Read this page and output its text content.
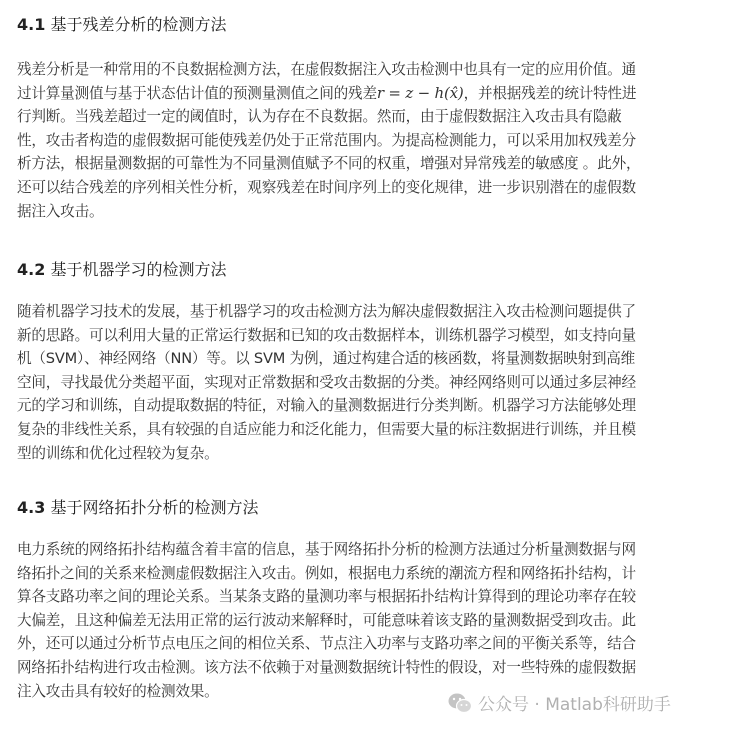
4.1 基于残差分析的检测方法
残差分析是一种常用的不良数据检测方法，在虚假数据注入攻击检测中也具有一定的应用价值。通
过计算量测值与基于状态估计值的预测量测值之间的残差r = z − h(x̂)，并根据残差的统计特性进
行判断。当残差超过一定的阈值时，认为存在不良数据。然而，由于虚假数据注入攻击具有隐蔽
性，攻击者构造的虚假数据可能使残差仍处于正常范围内。为提高检测能力，可以采用加权残差分
析方法，根据量测数据的可靠性为不同量测值赋予不同的权重，增强对异常残差的敏感度 。此外，
还可以结合残差的序列相关性分析，观察残差在时间序列上的变化规律，进一步识别潜在的虚假数
据注入攻击。
4.2 基于机器学习的检测方法
随着机器学习技术的发展，基于机器学习的攻击检测方法为解决虚假数据注入攻击检测问题提供了
新的思路。可以利用大量的正常运行数据和已知的攻击数据样本，训练机器学习模型，如支持向量
机（SVM）、神经网络（NN）等。以 SVM 为例，通过构建合适的核函数，将量测数据映射到高维
空间，寻找最优分类超平面，实现对正常数据和受攻击数据的分类。神经网络则可以通过多层神经
元的学习和训练，自动提取数据的特征，对输入的量测数据进行分类判断。机器学习方法能够处理
复杂的非线性关系，具有较强的自适应能力和泛化能力，但需要大量的标注数据进行训练，并且模
型的训练和优化过程较为复杂。
4.3 基于网络拓扑分析的检测方法
电力系统的网络拓扑结构蕴含着丰富的信息，基于网络拓扑分析的检测方法通过分析量测数据与网
络拓扑之间的关系来检测虚假数据注入攻击。例如，根据电力系统的潮流方程和网络拓扑结构，计
算各支路功率之间的理论关系。当某条支路的量测功率与根据拓扑结构计算得到的理论功率存在较
大偏差，且这种偏差无法用正常的运行波动来解释时，可能意味着该支路的量测数据受到攻击。此
外，还可以通过分析节点电压之间的相位关系、节点注入功率与支路功率之间的平衡关系等，结合
网络拓扑结构进行攻击检测。该方法不依赖于对量测数据统计特性的假设，对一些特殊的虚假数据
注入攻击具有较好的检测效果。
公众号 · Matlab科研助手
